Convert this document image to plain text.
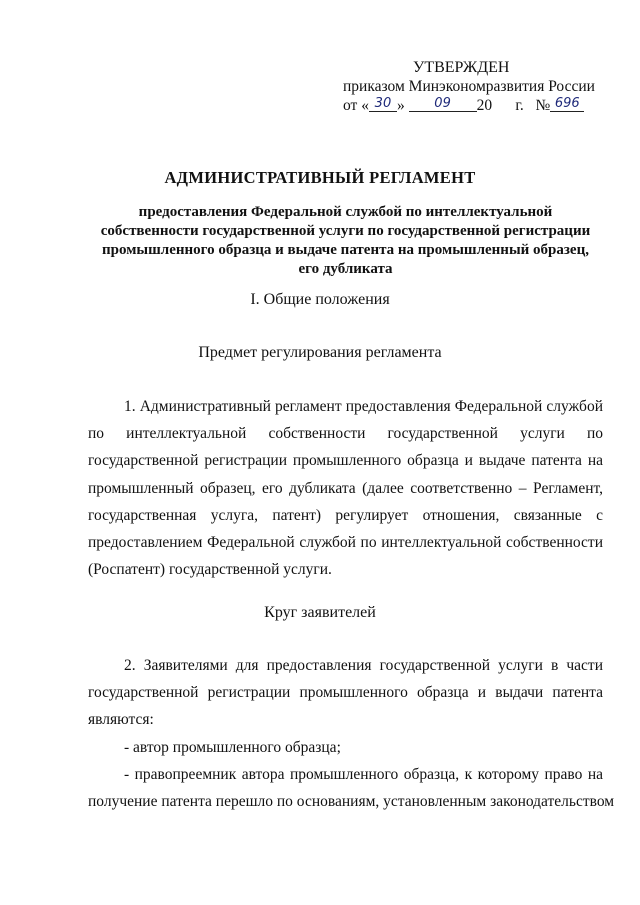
УТВЕРЖДЕН
приказом Минэкономразвития России
от « 30 » 09 20 г. № 696
АДМИНИСТРАТИВНЫЙ РЕГЛАМЕНТ
предоставления Федеральной службой по интеллектуальной
собственности государственной услуги по государственной регистрации
промышленного образца и выдаче патента на промышленный образец,
его дубликата
I. Общие положения
Предмет регулирования регламента
1. Административный регламент предоставления Федеральной службой
по интеллектуальной собственности государственной услуги по
государственной регистрации промышленного образца и выдаче патента на
промышленный образец, его дубликата (далее соответственно – Регламент,
государственная услуга, патент) регулирует отношения, связанные с
предоставлением Федеральной службой по интеллектуальной собственности
(Роспатент) государственной услуги.
Круг заявителей
2. Заявителями для предоставления государственной услуги в части
государственной регистрации промышленного образца и выдачи патента
являются:
- автор промышленного образца;
- правопреемник автора промышленного образца, к которому право на
получение патента перешло по основаниям, установленным законодательством
